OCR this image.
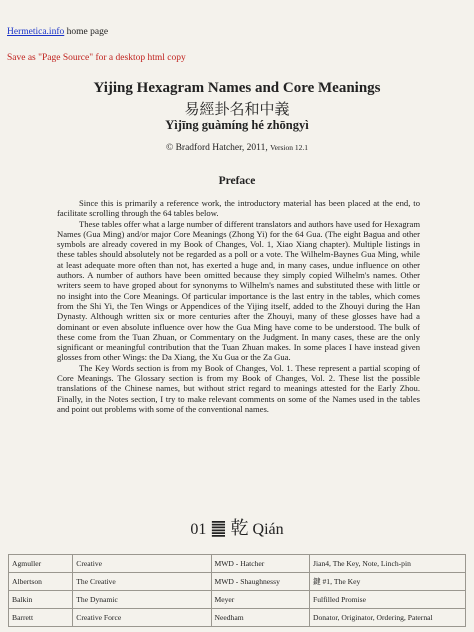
Hermetica.info home page
Save as "Page Source" for a desktop html copy
Yijing Hexagram Names and Core Meanings
易經卦名和中義
Yìjīng guàmíng hé zhōngyì
© Bradford Hatcher, 2011, Version 12.1
Preface

Since this is primarily a reference work, the introductory material has been placed at the end, to facilitate scrolling through the 64 tables below.

These tables offer what a large number of different translators and authors have used for Hexagram Names (Gua Ming) and/or major Core Meanings (Zhong Yi) for the 64 Gua. (The eight Bagua and other symbols are already covered in my Book of Changes, Vol. 1, Xiao Xiang chapter). Multiple listings in these tables should absolutely not be regarded as a poll or a vote. The Wilhelm-Baynes Gua Ming, while at least adequate more often than not, has exerted a huge and, in many cases, undue influence on other authors. A number of authors have been omitted because they simply copied Wilhelm's names. Other writers seem to have groped about for synonyms to Wilhelm's names and substituted these with little or no insight into the Core Meanings. Of particular importance is the last entry in the tables, which comes from the Shi Yi, the Ten Wings or Appendices of the Yijing itself, added to the Zhouyi during the Han Dynasty. Although written six or more centuries after the Zhouyi, many of these glosses have had a dominant or even absolute influence over how the Gua Ming have come to be understood. The bulk of these come from the Tuan Zhuan, or Commentary on the Judgment. In many cases, these are the only significant or meaningful contribution that the Tuan Zhuan makes. In some places I have instead given glosses from other Wings: the Da Xiang, the Xu Gua or the Za Gua.

The Key Words section is from my Book of Changes, Vol. 1. These represent a partial scoping of Core Meanings. The Glossary section is from my Book of Changes, Vol. 2. These list the possible translations of the Chinese names, but without strict regard to meanings attested for the Early Zhou. Finally, in the Notes section, I try to make relevant comments on some of the Names used in the tables and point out problems with some of the conventional names.

01 ䷀ 乾 Qián
Agmuller	Creative	MWD - Hatcher	Jian4, The Key, Note, Linch-pin
Albertson	The Creative	MWD - Shaughnessy	鍵 #1, The Key
Balkin	The Dynamic	Meyer	Fulfilled Promise
Barrett	Creative Force	Needham	Donator, Originator, Ordering, Paternal
